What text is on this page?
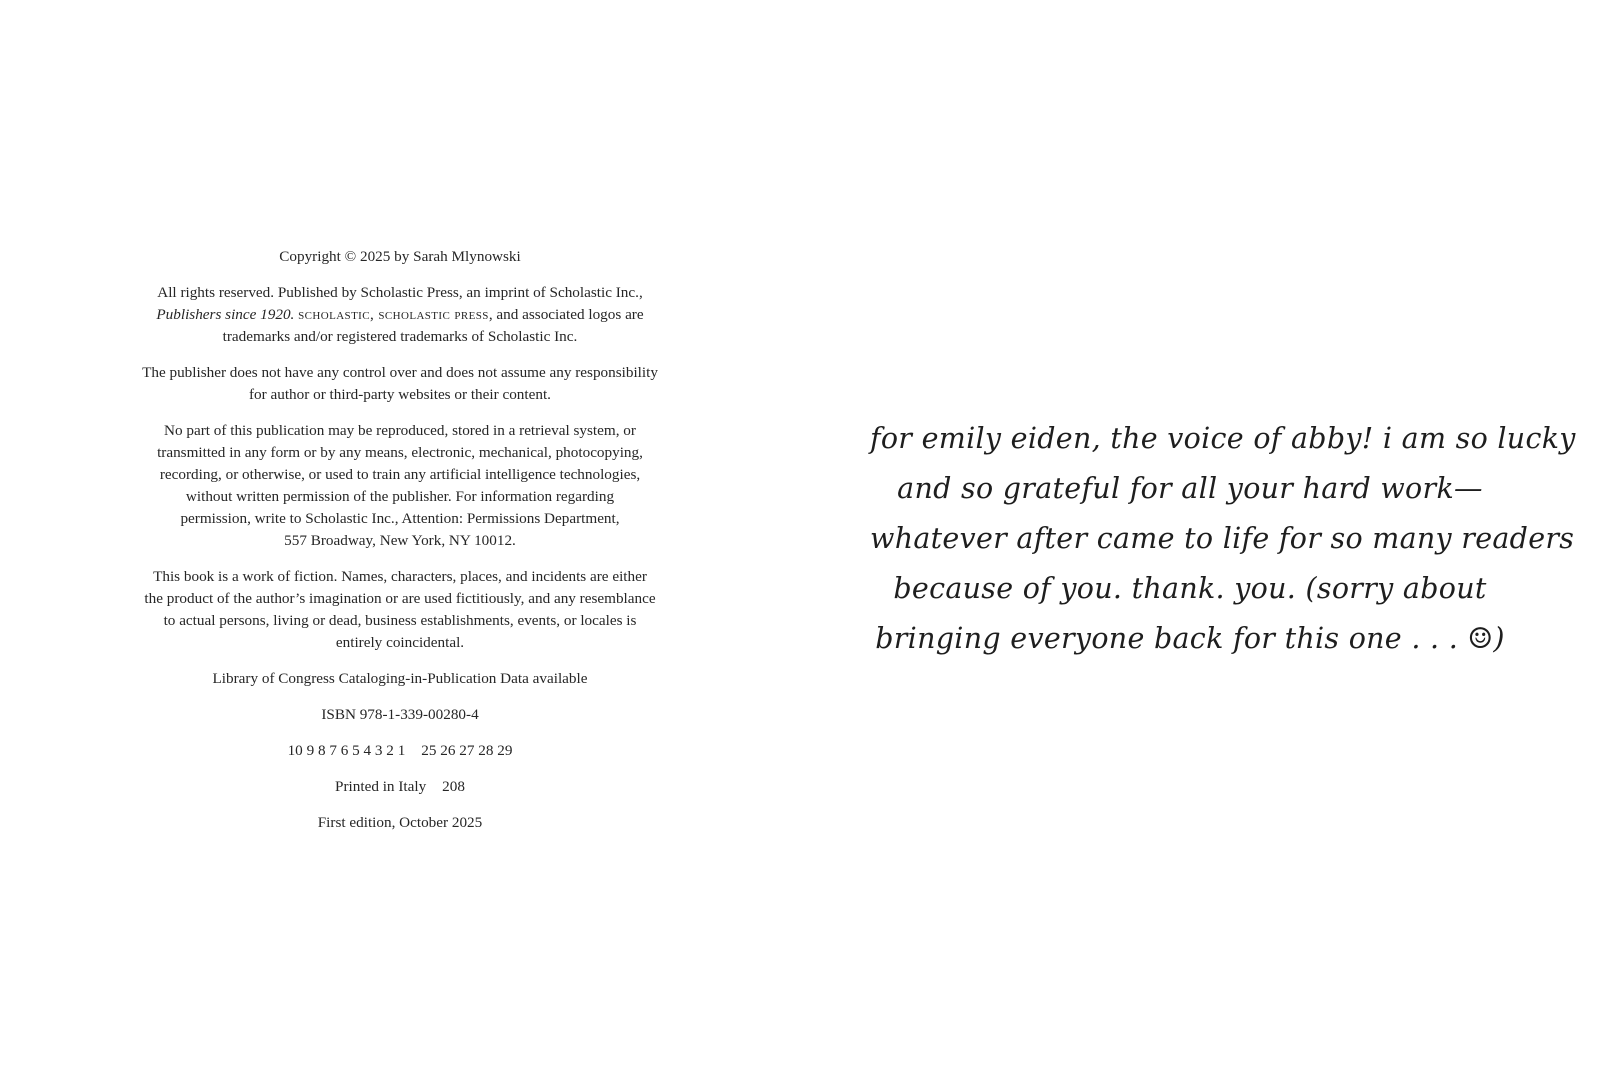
Copyright © 2025 by Sarah Mlynowski

All rights reserved. Published by Scholastic Press, an imprint of Scholastic Inc.,
Publishers since 1920. scholastic, scholastic press, and associated logos are
trademarks and/or registered trademarks of Scholastic Inc.

The publisher does not have any control over and does not assume any responsibility
for author or third-party websites or their content.

No part of this publication may be reproduced, stored in a retrieval system, or
transmitted in any form or by any means, electronic, mechanical, photocopying,
recording, or otherwise, or used to train any artificial intelligence technologies,
without written permission of the publisher. For information regarding
permission, write to Scholastic Inc., Attention: Permissions Department,
557 Broadway, New York, NY 10012.

This book is a work of fiction. Names, characters, places, and incidents are either
the product of the author’s imagination or are used fictitiously, and any resemblance
to actual persons, living or dead, business establishments, events, or locales is
entirely coincidental.

Library of Congress Cataloging-in-Publication Data available

ISBN 978-1-339-00280-4

10 9 8 7 6 5 4 3 2 1 25 26 27 28 29

Printed in Italy 208

First edition, October 2025

for emily eiden, the voice of abby! i am so lucky
and so grateful for all your hard work—
whatever after came to life for so many readers
because of you. thank. you. (sorry about
bringing everyone back for this one . . . ☺)
